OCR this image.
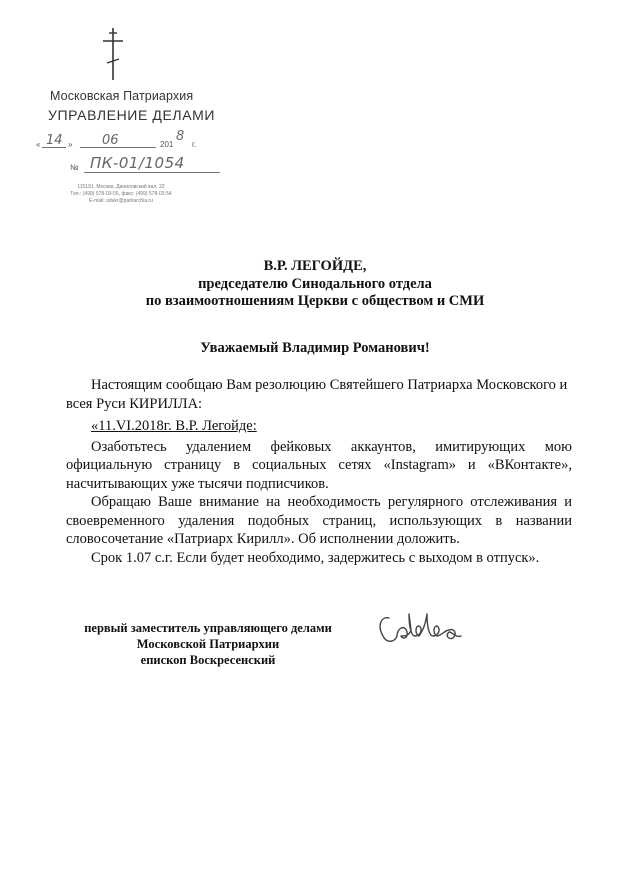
Московская Патриархия
УПРАВЛЕНИЕ ДЕЛАМИ
« 14 » 06	201
8
г.
№ ПК-01/1054
115191, Москва, Даниловский вал, 22
Тел.: (499) 578-03-55, факс: (499) 578-03-54
E-mail: udukr@patriarchia.ru
В.Р. ЛЕГОЙДЕ,
председателю Синодального отдела
по взаимоотношениям Церкви с обществом и СМИ
Уважаемый Владимир Романович!

Настоящим сообщаю Вам резолюцию Святейшего Патриарха Московского и всея Руси КИРИЛЛА:

«11.VI.2018г. В.Р. Легойде:

Озаботьтесь удалением фейковых аккаунтов, имитирующих мою официальную страницу в социальных сетях «Instagram» и «ВКонтакте», насчитывающих уже тысячи подписчиков.

Обращаю Ваше внимание на необходимость регулярного отслеживания и своевременного удаления подобных страниц, использующих в названии словосочетание «Патриарх Кирилл». Об исполнении доложить.

Срок 1.07 с.г. Если будет необходимо, задержитесь с выходом в отпуск».

первый заместитель управляющего делами
Московской Патриархии
епископ Воскресенский
